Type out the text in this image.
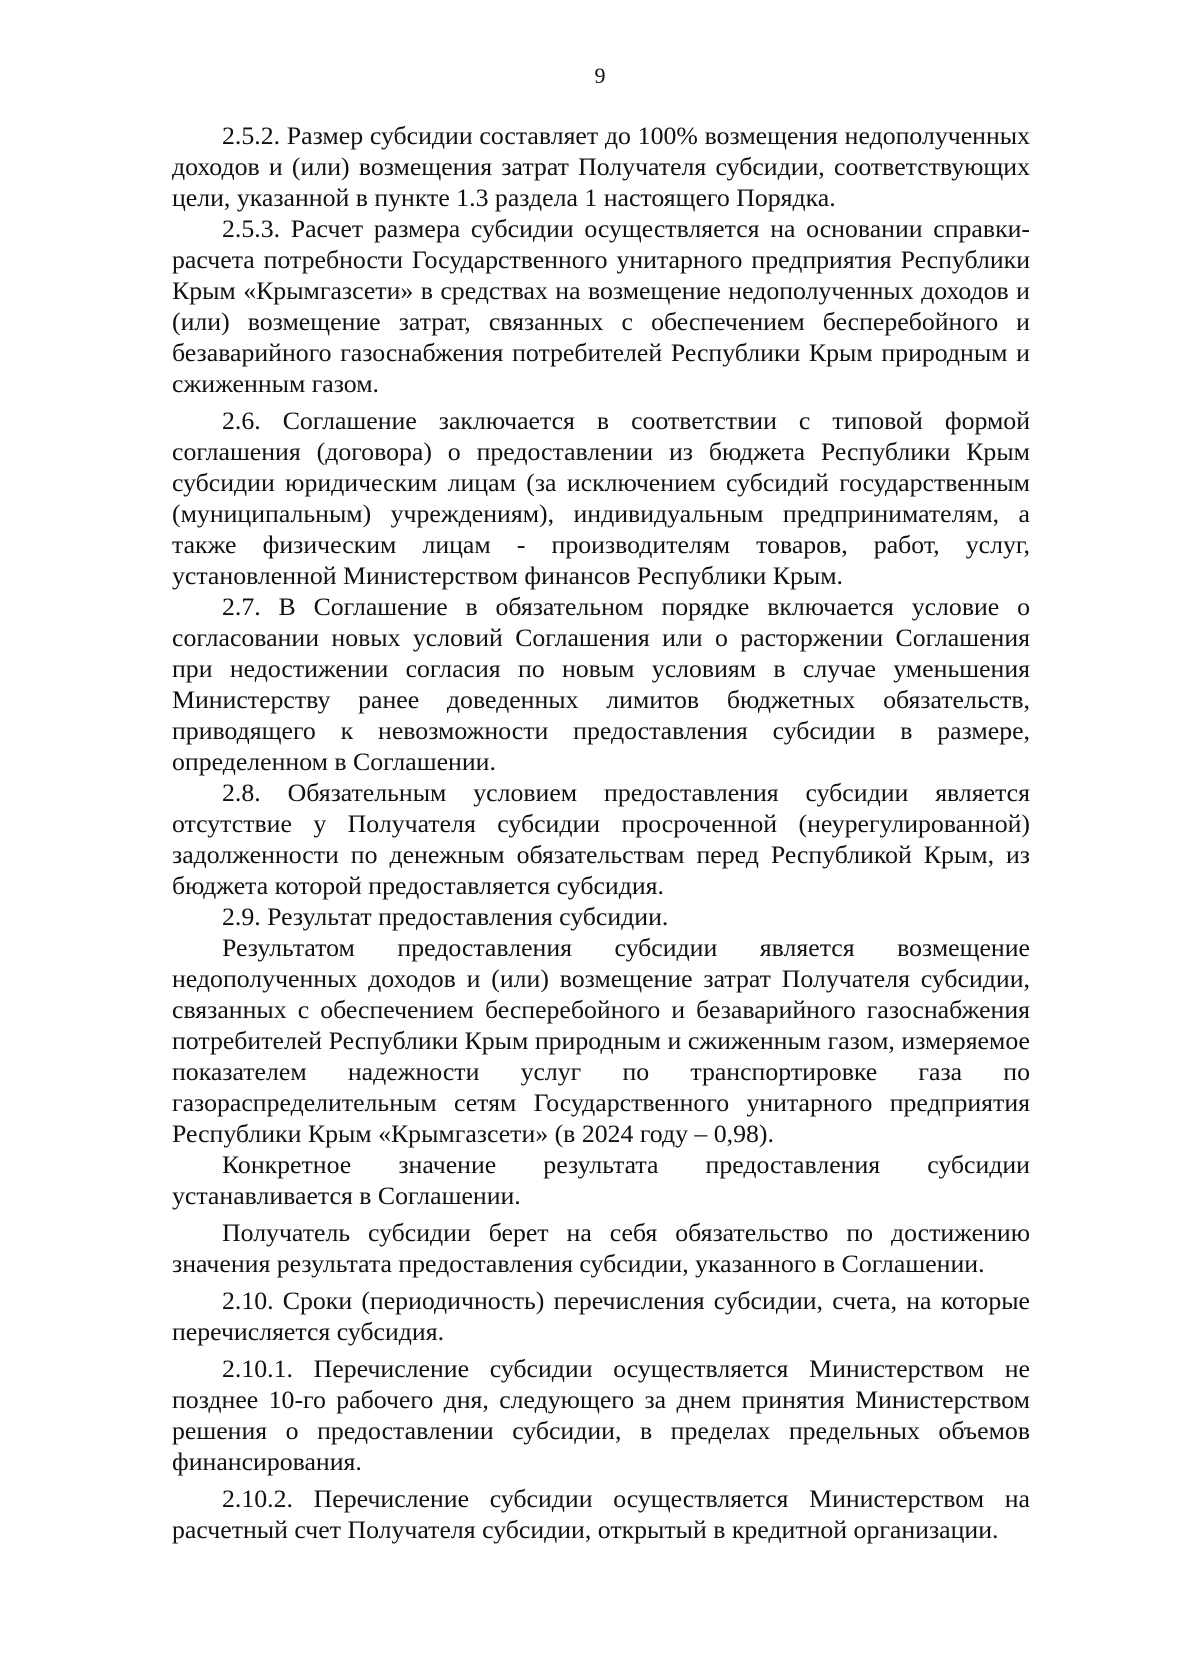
9

2.5.2. Размер субсидии составляет до 100% возмещения недополученных доходов и (или) возмещения затрат Получателя субсидии, соответствующих цели, указанной в пункте 1.3 раздела 1 настоящего Порядка.

2.5.3. Расчет размера субсидии осуществляется на основании справки-расчета потребности Государственного унитарного предприятия Республики Крым «Крымгазсети» в средствах на возмещение недополученных доходов и (или) возмещение затрат, связанных с обеспечением бесперебойного и безаварийного газоснабжения потребителей Республики Крым природным и сжиженным газом.

2.6. Соглашение заключается в соответствии с типовой формой соглашения (договора) о предоставлении из бюджета Республики Крым субсидии юридическим лицам (за исключением субсидий государственным (муниципальным) учреждениям), индивидуальным предпринимателям, а также физическим лицам - производителям товаров, работ, услуг, установленной Министерством финансов Республики Крым.

2.7. В Соглашение в обязательном порядке включается условие о согласовании новых условий Соглашения или о расторжении Соглашения при недостижении согласия по новым условиям в случае уменьшения Министерству ранее доведенных лимитов бюджетных обязательств, приводящего к невозможности предоставления субсидии в размере, определенном в Соглашении.

2.8. Обязательным условием предоставления субсидии является отсутствие у Получателя субсидии просроченной (неурегулированной) задолженности по денежным обязательствам перед Республикой Крым, из бюджета которой предоставляется субсидия.

2.9. Результат предоставления субсидии.

Результатом предоставления субсидии является возмещение недополученных доходов и (или) возмещение затрат Получателя субсидии, связанных с обеспечением бесперебойного и безаварийного газоснабжения потребителей Республики Крым природным и сжиженным газом, измеряемое показателем надежности услуг по транспортировке газа по газораспределительным сетям Государственного унитарного предприятия Республики Крым «Крымгазсети» (в 2024 году – 0,98).

Конкретное значение результата предоставления субсидии устанавливается в Соглашении.

Получатель субсидии берет на себя обязательство по достижению значения результата предоставления субсидии, указанного в Соглашении.

2.10. Сроки (периодичность) перечисления субсидии, счета, на которые перечисляется субсидия.

2.10.1. Перечисление субсидии осуществляется Министерством не позднее 10-го рабочего дня, следующего за днем принятия Министерством решения о предоставлении субсидии, в пределах предельных объемов финансирования.

2.10.2. Перечисление субсидии осуществляется Министерством на расчетный счет Получателя субсидии, открытый в кредитной организации.
